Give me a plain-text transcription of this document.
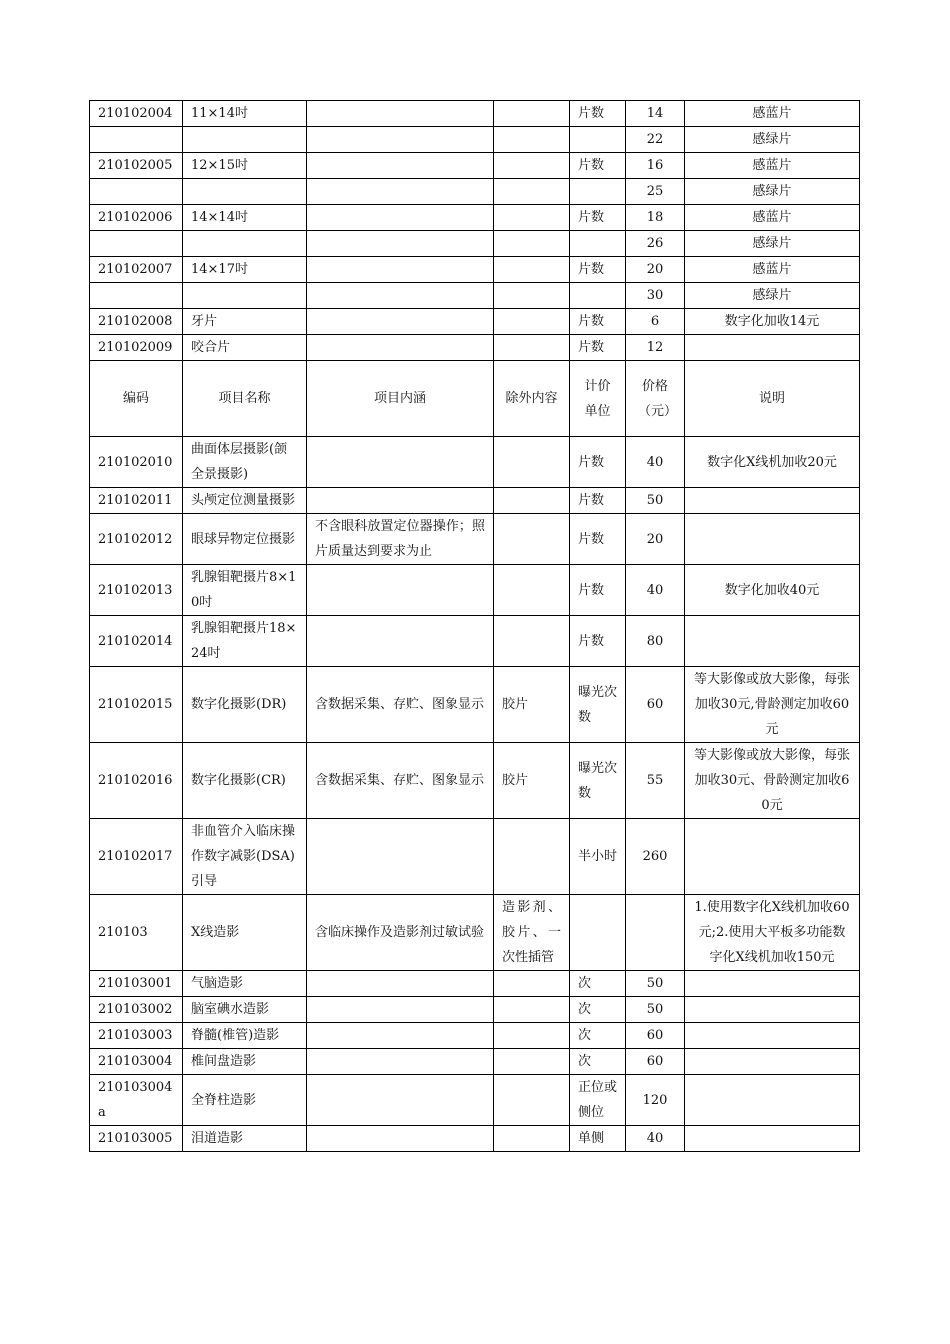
210102004	11×14吋			片数	14	感蓝片
					22	感绿片
210102005	12×15吋			片数	16	感蓝片
					25	感绿片
210102006	14×14吋			片数	18	感蓝片
					26	感绿片
210102007	14×17吋			片数	20	感蓝片
					30	感绿片
210102008	牙片			片数	6	数字化加收14元
210102009	咬合片			片数	12	
编码	项目名称	项目内涵	除外内容	计价单位	价格（元）	说明
210102010	曲面体层摄影(颌全景摄影)			片数	40	数字化X线机加收20元
210102011	头颅定位测量摄影			片数	50	
210102012	眼球异物定位摄影	不含眼科放置定位器操作；照片质量达到要求为止		片数	20	
210102013	乳腺钼靶摄片8×10吋			片数	40	数字化加收40元
210102014	乳腺钼靶摄片18×24吋			片数	80	
210102015	数字化摄影(DR)	含数据采集、存贮、图象显示	胶片	曝光次数	60	等大影像或放大影像，每张加收30元,骨龄测定加收60元
210102016	数字化摄影(CR)	含数据采集、存贮、图象显示	胶片	曝光次数	55	等大影像或放大影像，每张加收30元、骨龄测定加收60元
210102017	非血管介入临床操作数字减影(DSA)引导			半小时	260	
210103	X线造影	含临床操作及造影剂过敏试验	造影剂、胶片、一次性插管			1.使用数字化X线机加收60元;2.使用大平板多功能数字化X线机加收150元
210103001	气脑造影			次	50	
210103002	脑室碘水造影			次	50	
210103003	脊髓(椎管)造影			次	60	
210103004	椎间盘造影			次	60	
210103004a	全脊柱造影			正位或侧位	120	
210103005	泪道造影			单侧	40	
